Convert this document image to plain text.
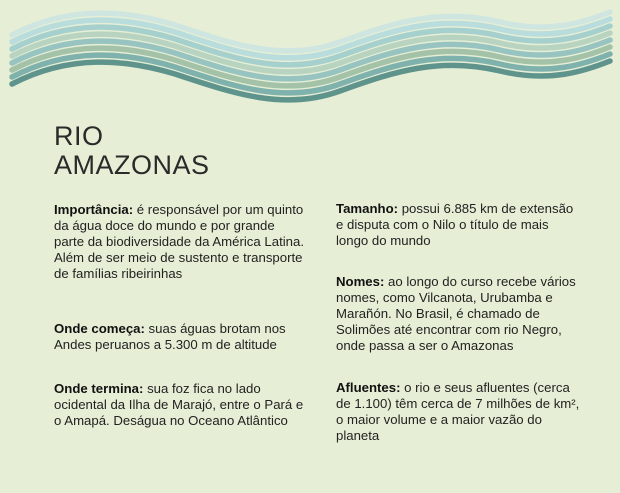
RIO
AMAZONAS
Importância: é responsável por um quinto da água doce do mundo e por grande parte da biodiversidade da América Latina. Além de ser meio de sustento e transporte de famílias ribeirinhas
Onde começa: suas águas brotam nos Andes peruanos a 5.300 m de altitude
Onde termina: sua foz fica no lado ocidental da Ilha de Marajó, entre o Pará e o Amapá. Deságua no Oceano Atlântico
Tamanho: possui 6.885 km de extensão e disputa com o Nilo o título de mais longo do mundo
Nomes: ao longo do curso recebe vários nomes, como Vilcanota, Urubamba e Marañón. No Brasil, é chamado de Solimões até encontrar com rio Negro, onde passa a ser o Amazonas
Afluentes: o rio e seus afluentes (cerca de 1.100) têm cerca de 7 milhões de km², o maior volume e a maior vazão do planeta
